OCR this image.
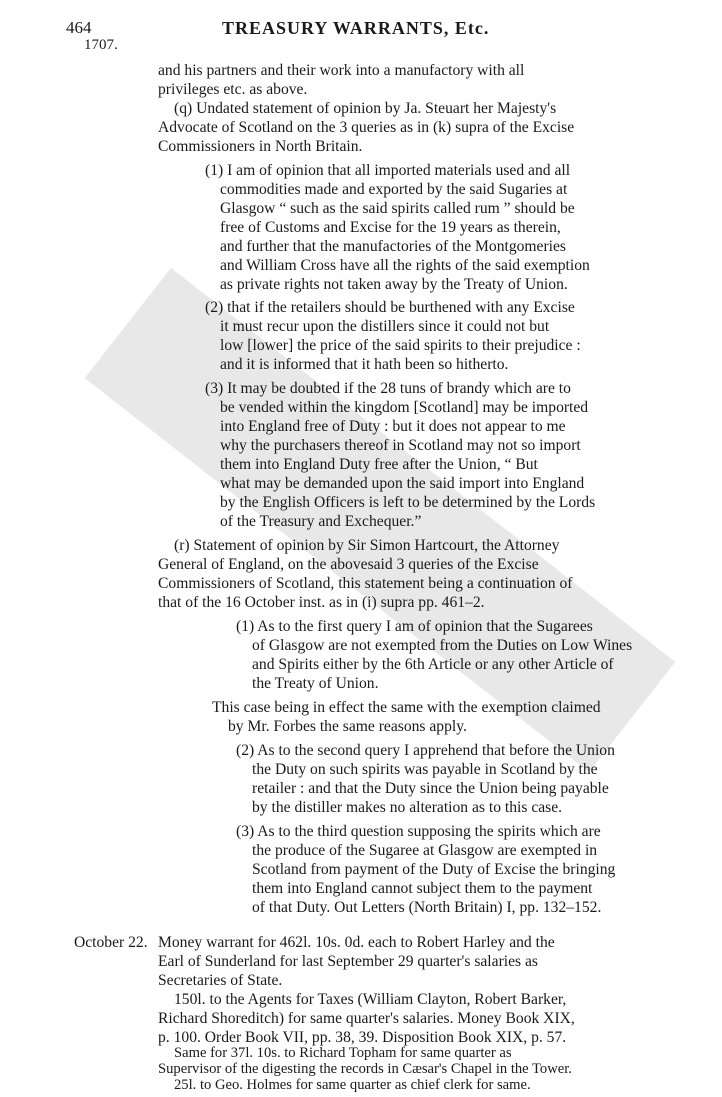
464	TREASURY WARRANTS, Etc.
1707.
and his partners and their work into a manufactory with all
privileges etc. as above.
(q) Undated statement of opinion by Ja. Steuart her Majesty's
Advocate of Scotland on the 3 queries as in (k) supra of the Excise
Commissioners in North Britain.
(1) I am of opinion that all imported materials used and all
commodities made and exported by the said Sugaries at
Glasgow “ such as the said spirits called rum ” should be
free of Customs and Excise for the 19 years as therein,
and further that the manufactories of the Montgomeries
and William Cross have all the rights of the said exemption
as private rights not taken away by the Treaty of Union.
(2) that if the retailers should be burthened with any Excise
it must recur upon the distillers since it could not but
low [lower] the price of the said spirits to their prejudice :
and it is informed that it hath been so hitherto.
(3) It may be doubted if the 28 tuns of brandy which are to
be vended within the kingdom [Scotland] may be imported
into England free of Duty : but it does not appear to me
why the purchasers thereof in Scotland may not so import
them into England Duty free after the Union, “ But
what may be demanded upon the said import into England
by the English Officers is left to be determined by the Lords
of the Treasury and Exchequer.”
(r) Statement of opinion by Sir Simon Hartcourt, the Attorney
General of England, on the abovesaid 3 queries of the Excise
Commissioners of Scotland, this statement being a continuation of
that of the 16 October inst. as in (i) supra pp. 461–2.
(1) As to the first query I am of opinion that the Sugarees
of Glasgow are not exempted from the Duties on Low Wines
and Spirits either by the 6th Article or any other Article of
the Treaty of Union.
This case being in effect the same with the exemption claimed
by Mr. Forbes the same reasons apply.
(2) As to the second query I apprehend that before the Union
the Duty on such spirits was payable in Scotland by the
retailer : and that the Duty since the Union being payable
by the distiller makes no alteration as to this case.
(3) As to the third question supposing the spirits which are
the produce of the Sugaree at Glasgow are exempted in
Scotland from payment of the Duty of Excise the bringing
them into England cannot subject them to the payment
of that Duty. Out Letters (North Britain) I, pp. 132–152.
October 22. Money warrant for 462l. 10s. 0d. each to Robert Harley and the
Earl of Sunderland for last September 29 quarter's salaries as
Secretaries of State.
150l. to the Agents for Taxes (William Clayton, Robert Barker,
Richard Shoreditch) for same quarter's salaries. Money Book XIX,
p. 100. Order Book VII, pp. 38, 39. Disposition Book XIX, p. 57.
Same for 37l. 10s. to Richard Topham for same quarter as
Supervisor of the digesting the records in Cæsar's Chapel in the Tower.
25l. to Geo. Holmes for same quarter as chief clerk for same.
